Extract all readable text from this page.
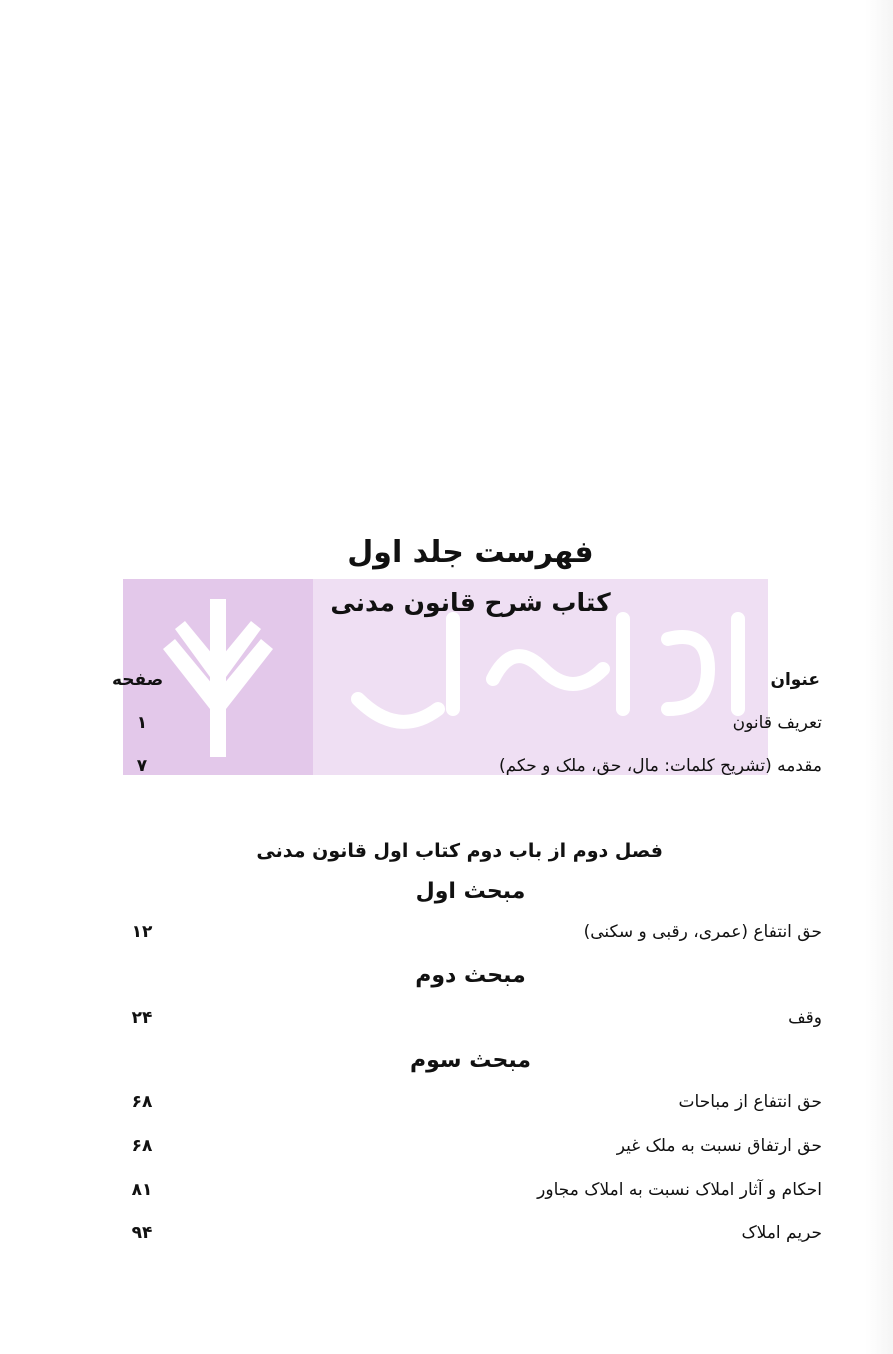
فهرست جلد اول
کتاب شرح قانون مدنی
عنوان
صفحه
تعریف قانون
۱
مقدمه (تشریح کلمات: مال، حق، ملک و حکم)
۷
فصل دوم از باب دوم کتاب اول قانون مدنی
مبحث اول
حق انتفاع (عمری، رقبی و سکنی)
۱۲
مبحث دوم
وقف
۲۴
مبحث سوم
حق انتفاع از مباحات
۶۸
حق ارتفاق نسبت به ملک غیر
۶۸
احکام و آثار املاک نسبت به املاک مجاور
۸۱
حریم املاک
۹۴
